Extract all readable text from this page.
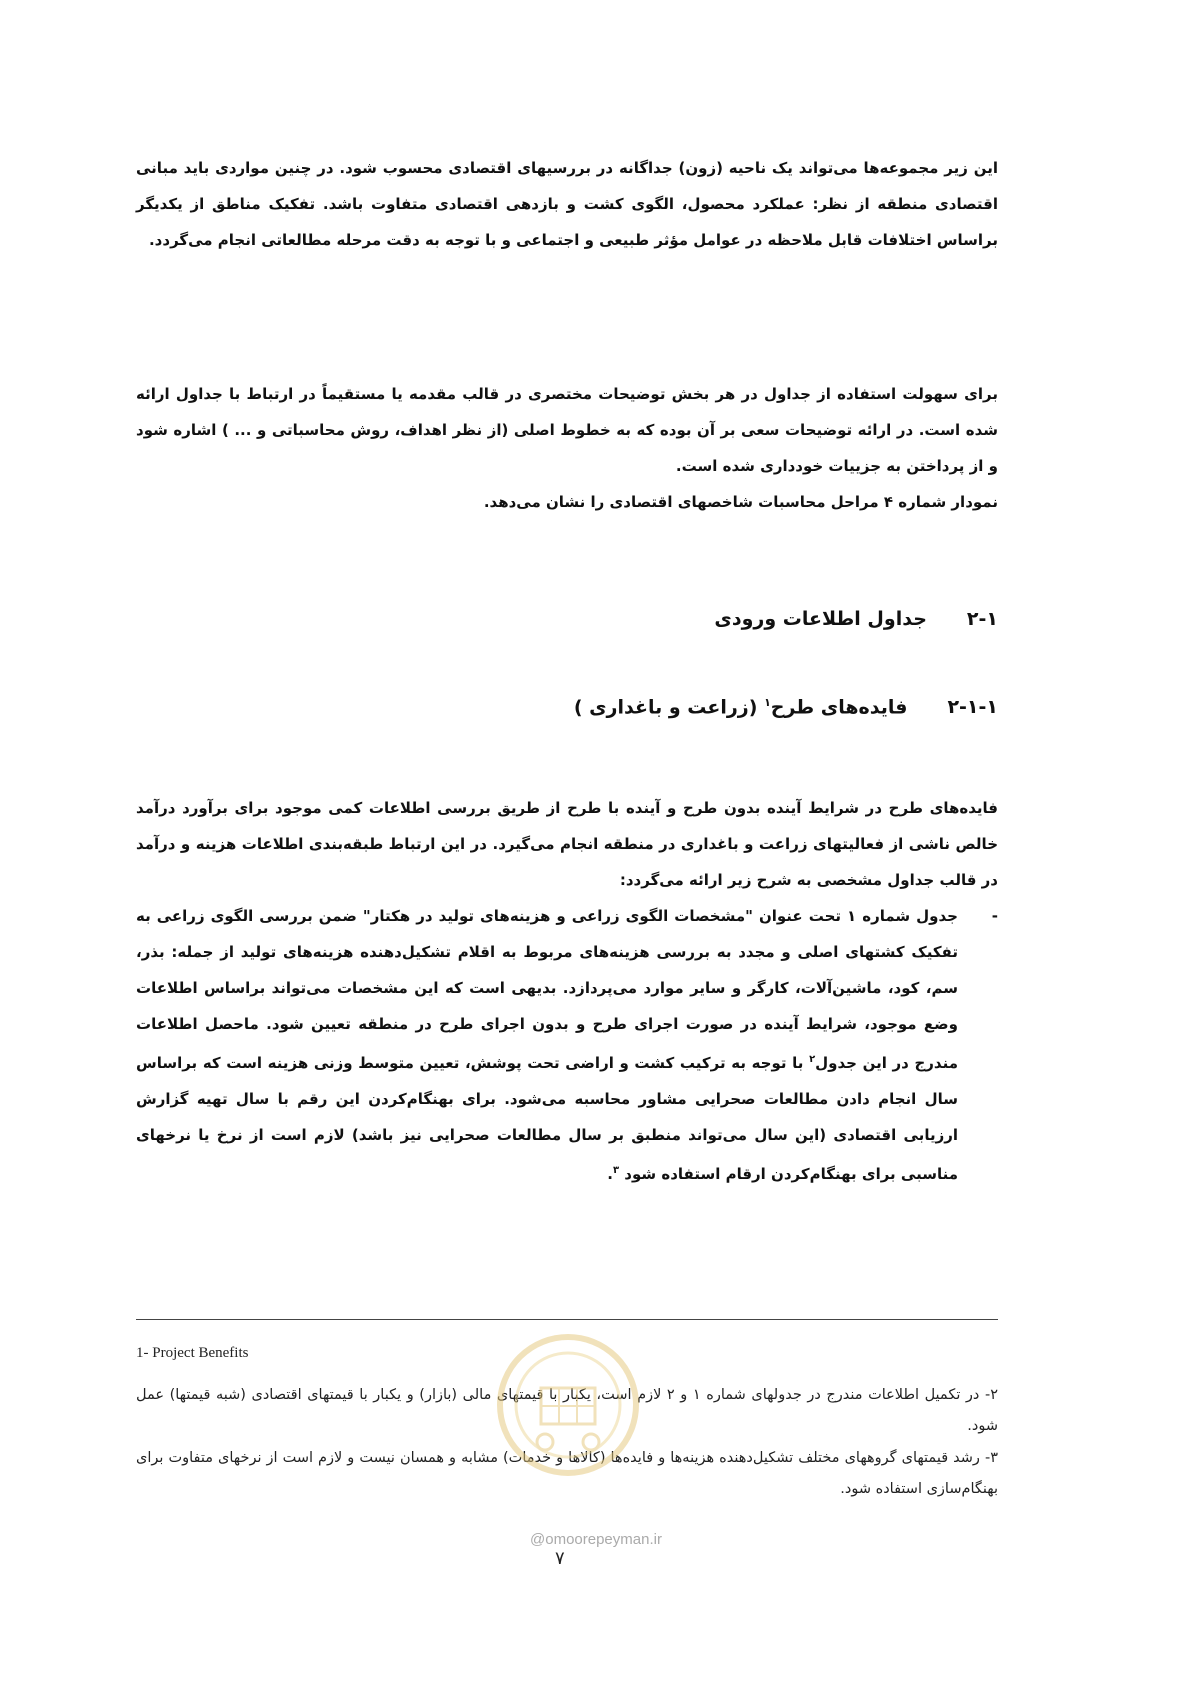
این زیر مجموعه‌ها می‌تواند یک ناحیه (زون) جداگانه در بررسیهای اقتصادی محسوب شود. در چنین مواردی باید مبانی اقتصادی منطقه از نظر: عملکرد محصول، الگوی کشت و بازدهی اقتصادی متفاوت باشد. تفکیک مناطق از یکدیگر براساس اختلافات قابل ملاحظه در عوامل مؤثر طبیعی و اجتماعی و با توجه به دقت مرحله مطالعاتی انجام می‌گردد.

برای سهولت استفاده از جداول در هر بخش توضیحات مختصری در قالب مقدمه یا مستقیماً در ارتباط با جداول ارائه شده است. در ارائه توضیحات سعی بر آن بوده که به خطوط اصلی (از نظر اهداف، روش محاسباتی و ... ) اشاره شود و از پرداختن به جزییات خودداری شده است.

نمودار شماره ۴ مراحل محاسبات شاخصهای اقتصادی را نشان می‌دهد.

۲-۱جداول اطلاعات ورودی
۲-۱-۱فایده‌های طرح$^۱$ (زراعت و باغداری )

فایده‌های طرح در شرایط آینده بدون طرح و آینده با طرح از طریق بررسی اطلاعات کمی موجود برای برآورد درآمد خالص ناشی از فعالیتهای زراعت و باغداری در منطقه انجام می‌گیرد. در این ارتباط طبقه‌بندی اطلاعات هزینه و درآمد در قالب جداول مشخصی به شرح زیر ارائه می‌گردد:

-
جدول شماره ۱ تحت عنوان "مشخصات الگوی زراعی و هزینه‌های تولید در هکتار" ضمن بررسی الگوی زراعی به تفکیک کشتهای اصلی و مجدد به بررسی هزینه‌های مربوط به اقلام تشکیل‌دهنده هزینه‌های تولید از جمله: بذر، سم، کود، ماشین‌آلات، کارگر و سایر موارد می‌پردازد. بدیهی است که این مشخصات می‌تواند براساس اطلاعات وضع موجود، شرایط آینده در صورت اجرای طرح و بدون اجرای طرح در منطقه تعیین شود. ماحصل اطلاعات مندرج در این جدول$^۲$ با توجه به ترکیب کشت و اراضی تحت پوشش، تعیین متوسط وزنی هزینه است که براساس سال انجام دادن مطالعات صحرایی مشاور محاسبه می‌شود. برای بهنگام‌کردن این رقم با سال تهیه گزارش ارزیابی اقتصادی (این سال می‌تواند منطبق بر سال مطالعات صحرایی نیز باشد) لازم است از نرخ یا نرخهای مناسبی برای بهنگام‌کردن ارقام استفاده شود $^۳$.
1- Project Benefits
۲- در تکمیل اطلاعات مندرج در جدولهای شماره ۱ و ۲ لازم است، یکبار با قیمتهای مالی (بازار) و یکبار با قیمتهای اقتصادی (شبه قیمتها) عمل شود.
۳- رشد قیمتهای گروههای مختلف تشکیل‌دهنده هزینه‌ها و فایده‌ها (کالاها و خدمات) مشابه و همسان نیست و لازم است از نرخهای متفاوت برای بهنگام‌سازی استفاده شود.
@omoorepeyman.ir
۷
